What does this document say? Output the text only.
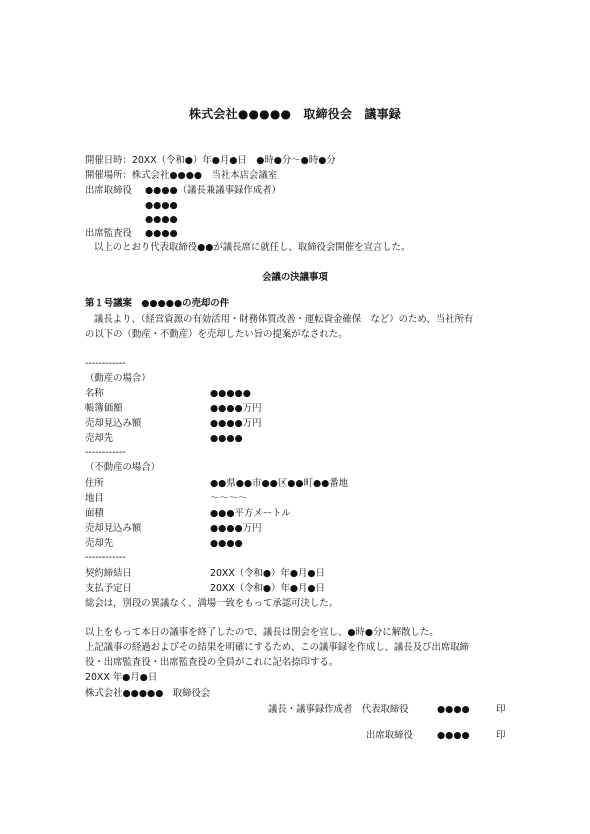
株式会社●●●●●　取締役会　議事録
開催日時：20XX（令和●）年●月●日　●時●分～●時●分
開催場所：株式会社●●●●　当社本店会議室
出席取締役 ●●●●（議長兼議事録作成者）
●●●●
●●●●
出席監査役 ●●●●
以上のとおり代表取締役●●が議長席に就任し、取締役会開催を宣言した。
会議の決議事項
第１号議案　●●●●●の売却の件
議長より、（経営資源の有効活用・財務体質改善・運転資金確保　など）のため、当社所有
の以下の（動産・不動産）を売却したい旨の提案がなされた。
------------
（動産の場合）
名称	●●●●●
帳簿価額	●●●●万円
売却見込み額	●●●●万円
売却先	●●●●
------------
（不動産の場合）
住所	●●県●●市●●区●●町●●番地
地目	～～～～
面積	●●●平方メートル
売却見込み額	●●●●万円
売却先	●●●●
------------
契約締結日	20XX（令和●）年●月●日
支払予定日	20XX（令和●）年●月●日
総会は，別段の異議なく、満場一致をもって承認可決した。
以上をもって本日の議事を終了したので、議長は閉会を宣し、●時●分に解散した。
上記議事の経過およびその結果を明確にするため、この議事録を作成し、議長及び出席取締
役・出席監査役・出席監査役の全員がこれに記名捺印する。
20XX 年●月●日
株式会社●●●●●　取締役会
議長・議事録作成者　代表取締役	●●●●	印
出席取締役	●●●●	印
